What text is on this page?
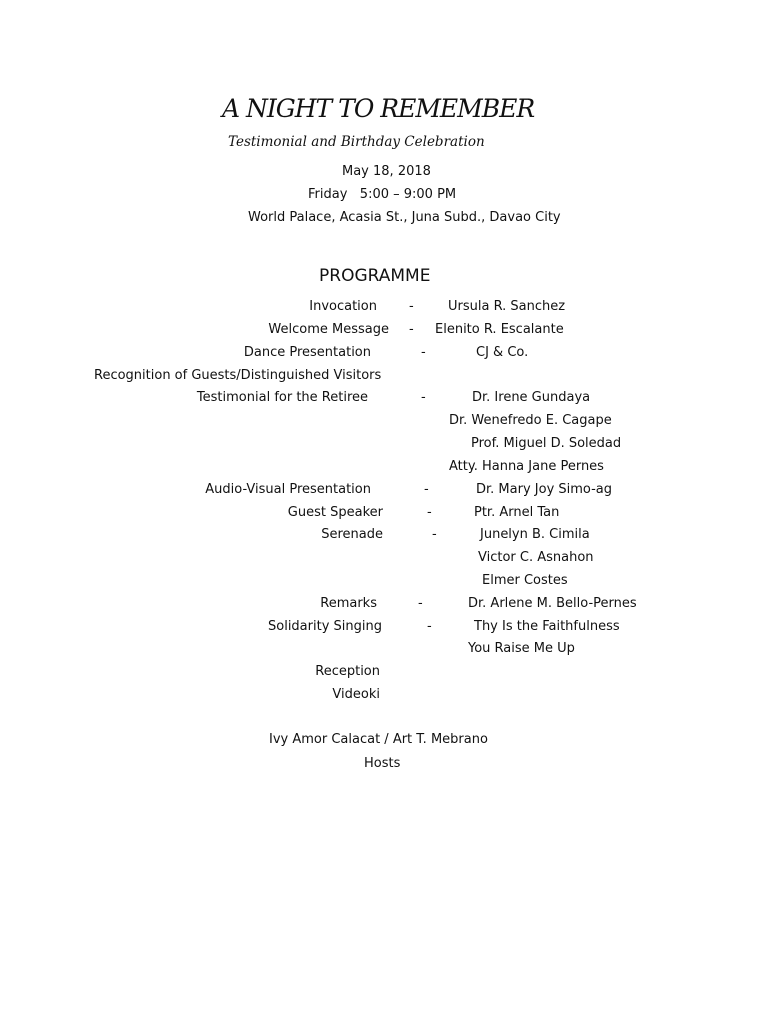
A NIGHT TO REMEMBER
Testimonial and Birthday Celebration
May 18, 2018
Friday   5:00 – 9:00 PM
World Palace, Acasia St., Juna Subd., Davao City
PROGRAMME
Invocation -	Ursula R. Sanchez
Welcome Message - Elenito R. Escalante
Dance Presentation	-	CJ & Co.
Recognition of Guests/Distinguished Visitors
Testimonial for the Retiree	-	Dr. Irene Gundaya
Dr. Wenefredo E. Cagape
Prof. Miguel D. Soledad
Atty. Hanna Jane Pernes
Audio-Visual Presentation	-	Dr. Mary Joy Simo-ag
Guest Speaker	-	Ptr. Arnel Tan
Serenade	-	Junelyn B. Cimila
Victor C. Asnahon
Elmer Costes
Remarks	-	Dr. Arlene M. Bello-Pernes
Solidarity Singing	-	Thy Is the Faithfulness
You Raise Me Up
Reception
Videoki
Ivy Amor Calacat / Art T. Mebrano
Hosts
